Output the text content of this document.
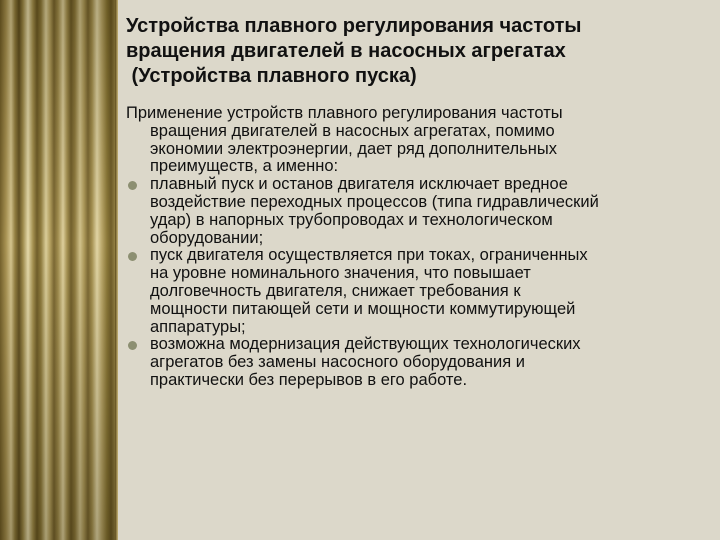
Устройства плавного регулирования частоты
вращения двигателей в насосных агрегатах
(Устройства плавного пуска)
Применение устройств плавного регулирования частоты
вращения двигателей в насосных агрегатах, помимо
экономии электроэнергии, дает ряд дополнительных
преимуществ, а именно:
плавный пуск и останов двигателя исключает вредное
воздействие переходных процессов (типа гидравлический
удар) в напорных трубопроводах и технологическом
оборудовании;
пуск двигателя осуществляется при токах, ограниченных
на уровне номинального значения, что повышает
долговечность двигателя, снижает требования к
мощности питающей сети и мощности коммутирующей
аппаратуры;
возможна модернизация действующих технологических
агрегатов без замены насосного оборудования и
практически без перерывов в его работе.
